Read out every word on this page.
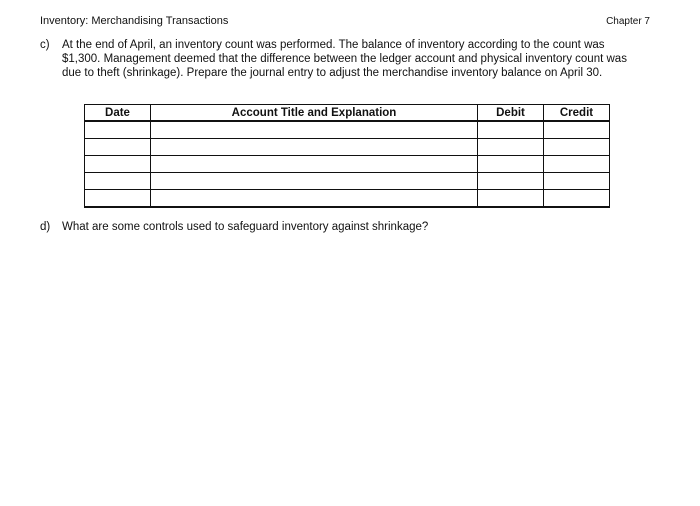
Inventory: Merchandising Transactions	Chapter 7
c) At the end of April, an inventory count was performed. The balance of inventory according to the count was $1,300. Management deemed that the difference between the ledger account and physical inventory count was due to theft (shrinkage). Prepare the journal entry to adjust the merchandise inventory balance on April 30.
Date	Account Title and Explanation	Debit	Credit

d) What are some controls used to safeguard inventory against shrinkage?
